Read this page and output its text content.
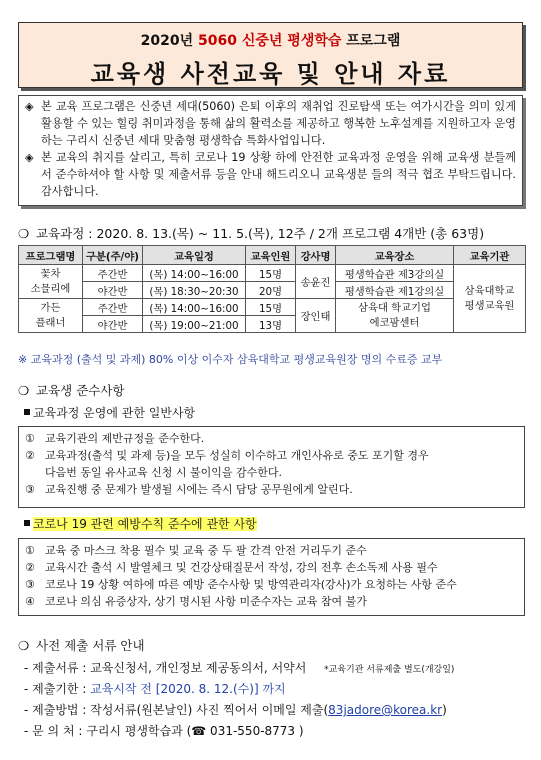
2020년 5060 신중년 평생학습 프로그램
교육생 사전교육 및 안내 자료
◈ 본 교육 프로그램은 신중년 세대(5060) 은퇴 이후의 재취업 진로탐색 또는 여가시간을 의미 있게 활용할 수 있는 힐링 취미과정을 통해 삶의 활력소를 제공하고 행복한 노후설계를 지원하고자 운영하는 구리시 신중년 세대 맞춤형 평생학습 특화사업입니다.
◈ 본 교육의 취지를 살리고, 특히 코로나 19 상황 하에 안전한 교육과정 운영을 위해 교육생 분들께서 준수하셔야 할 사항 및 제출서류 등을 안내 해드리오니 교육생분 들의 적극 협조 부탁드립니다. 감사합니다.
❍ 교육과정 : 2020. 8. 13.(목) ~ 11. 5.(목), 12주 / 2개 프로그램 4개반 (총 63명)
프로그램명	구분(주/야)	교육일정	교육인원	강사명	교육장소	교육기관
꽃차
소믈리에	주간반	(목) 14:00~16:00	15명	송윤진	평생학습관 제3강의실	삼육대학교
평생교육원
	야간반	(목) 18:30~20:30	20명		평생학습관 제1강의실	
가든
플래너	주간반	(목) 14:00~16:00	15명	장인태	삼육대 학교기업
에코팜센터	
	야간반	(목) 19:00~21:00	13명			
※ 교육과정 (출석 및 과제) 80% 이상 이수자 삼육대학교 평생교육원장 명의 수료증 교부
❍ 교육생 준수사항
교육과정 운영에 관한 일반사항
① 교육기관의 제반규정을 준수한다.
② 교육과정(출석 및 과제 등)을 모두 성실히 이수하고 개인사유로 중도 포기할 경우
다음번 동일 유사교육 신청 시 불이익을 감수한다.
③ 교육진행 중 문제가 발생될 시에는 즉시 담당 공무원에게 알린다.
코로나 19 관련 예방수칙 준수에 관한 사항
① 교육 중 마스크 착용 필수 및 교육 중 두 팔 간격 안전 거리두기 준수
② 교육시간 출석 시 발열체크 및 건강상태질문서 작성, 강의 전후 손소독제 사용 필수
③ 코로나 19 상황 여하에 따른 예방 준수사항 및 방역관리자(강사)가 요청하는 사항 준수
④ 코로나 의심 유증상자, 상기 명시된 사항 미준수자는 교육 참여 불가
❍ 사전 제출 서류 안내
- 제출서류 : 교육신청서, 개인정보 제공동의서, 서약서 *교육기관 서류제출 별도(개강일)
- 제출기한 : 교육시작 전 [2020. 8. 12.(수)] 까지
- 제출방법 : 작성서류(원본날인) 사진 찍어서 이메일 제출(83jadore@korea.kr)
- 문 의 처 : 구리시 평생학습과 (☎ 031-550-8773 )
